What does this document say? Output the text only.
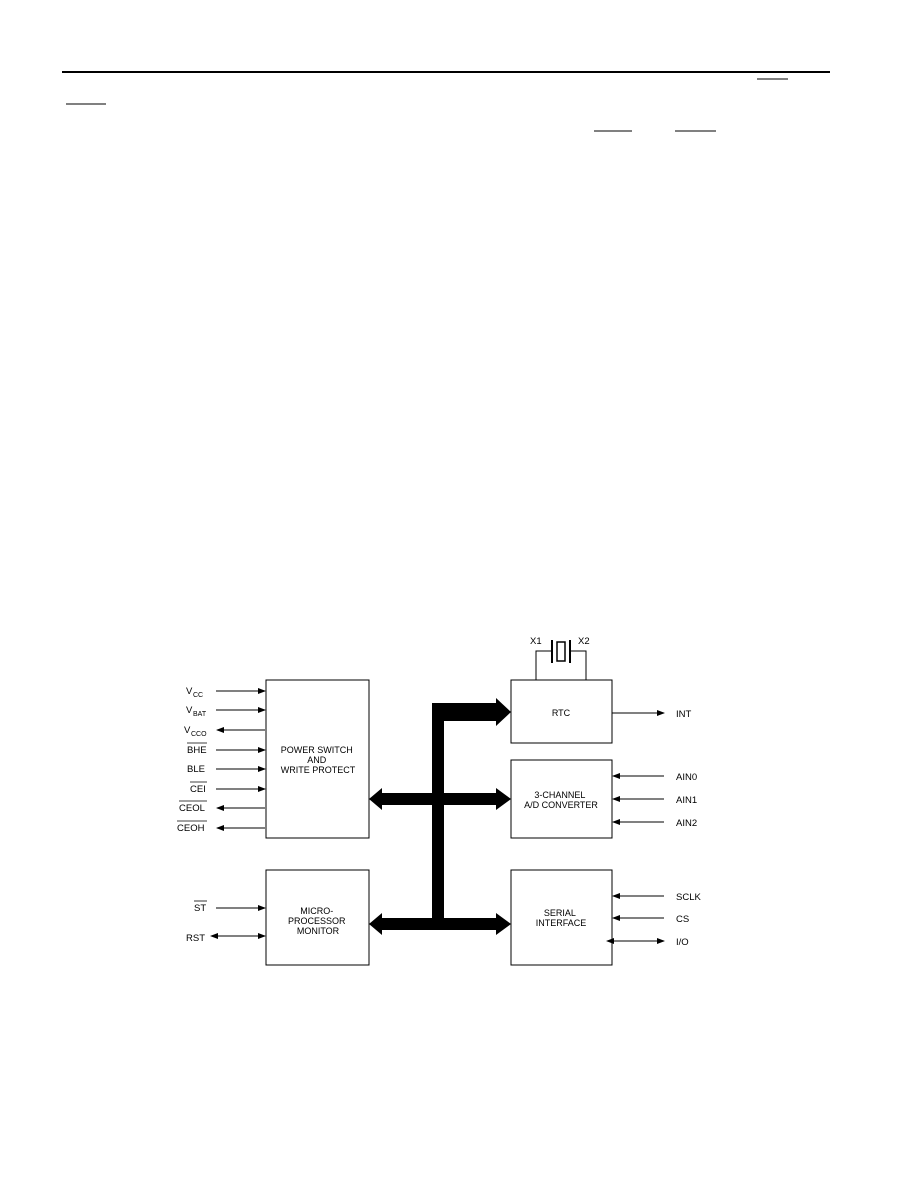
POWER SWITCH AND WRITE PROTECT
MICRO- PROCESSOR MONITOR
RTC
3-CHANNEL A/D CONVERTER
SERIAL INTERFACE
X1	X2
V CC
V BAT
V CCO
BHE
BLE
CEI
CEOL
CEOH
ST
RST
INT
AIN0
AIN1
AIN2
SCLK
CS
I/O
